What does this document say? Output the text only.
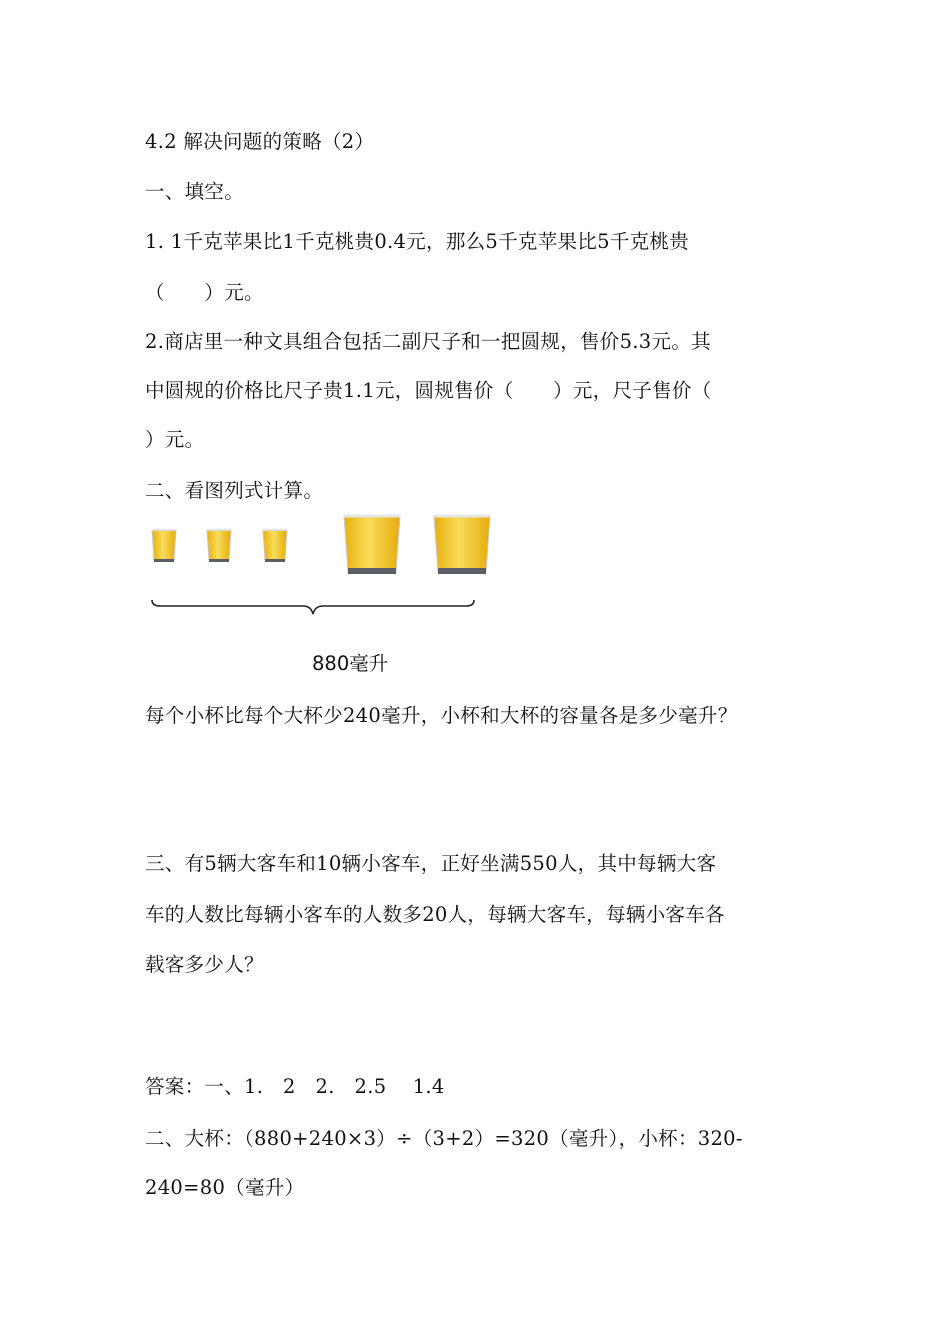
4.2 解决问题的策略（2）
一、填空。
1. 1千克苹果比1千克桃贵0.4元，那么5千克苹果比5千克桃贵
（　　）元。
2.商店里一种文具组合包括二副尺子和一把圆规，售价5.3元。其
中圆规的价格比尺子贵1.1元，圆规售价（　　）元，尺子售价（
）元。
二、看图列式计算。
880毫升
每个小杯比每个大杯少240毫升，小杯和大杯的容量各是多少毫升？
三、有5辆大客车和10辆小客车，正好坐满550人，其中每辆大客
车的人数比每辆小客车的人数多20人，每辆大客车，每辆小客车各
载客多少人？
答案：一、1.　2　2.　2.5　 1.4
二、大杯：（880+240×3）÷（3+2）=320（毫升），小杯：320-
240=80（毫升）
